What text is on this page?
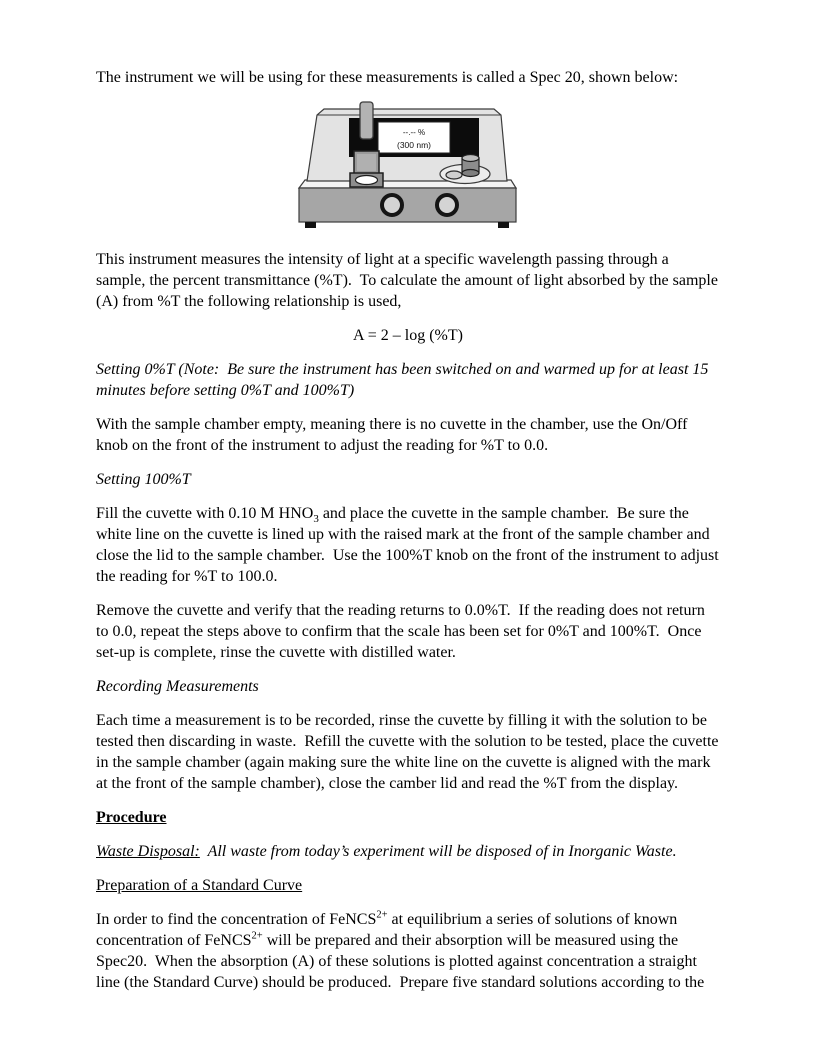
The instrument we will be using for these measurements is called a Spec 20, shown below:

--.-- %
(300 nm)

This instrument measures the intensity of light at a specific wavelength passing through a sample, the percent transmittance (%T).  To calculate the amount of light absorbed by the sample (A) from %T the following relationship is used,

A = 2 – log (%T)

Setting 0%T (Note:  Be sure the instrument has been switched on and warmed up for at least 15 minutes before setting 0%T and 100%T)

With the sample chamber empty, meaning there is no cuvette in the chamber, use the On/Off knob on the front of the instrument to adjust the reading for %T to 0.0.

Setting 100%T

Fill the cuvette with 0.10 M $HNO_3$ and place the cuvette in the sample chamber.  Be sure the white line on the cuvette is lined up with the raised mark at the front of the sample chamber and close the lid to the sample chamber.  Use the 100%T knob on the front of the instrument to adjust the reading for %T to 100.0.

Remove the cuvette and verify that the reading returns to 0.0%T.  If the reading does not return to 0.0, repeat the steps above to confirm that the scale has been set for 0%T and 100%T.  Once set-up is complete, rinse the cuvette with distilled water.

Recording Measurements

Each time a measurement is to be recorded, rinse the cuvette by filling it with the solution to be tested then discarding in waste.  Refill the cuvette with the solution to be tested, place the cuvette in the sample chamber (again making sure the white line on the cuvette is aligned with the mark at the front of the sample chamber), close the camber lid and read the %T from the display.

Procedure

Waste Disposal:  All waste from today’s experiment will be disposed of in Inorganic Waste.

Preparation of a Standard Curve

In order to find the concentration of FeNCS$^{2+}$ at equilibrium a series of solutions of known concentration of FeNCS$^{2+}$ will be prepared and their absorption will be measured using the Spec20.  When the absorption (A) of these solutions is plotted against concentration a straight line (the Standard Curve) should be produced.  Prepare five standard solutions according to the
